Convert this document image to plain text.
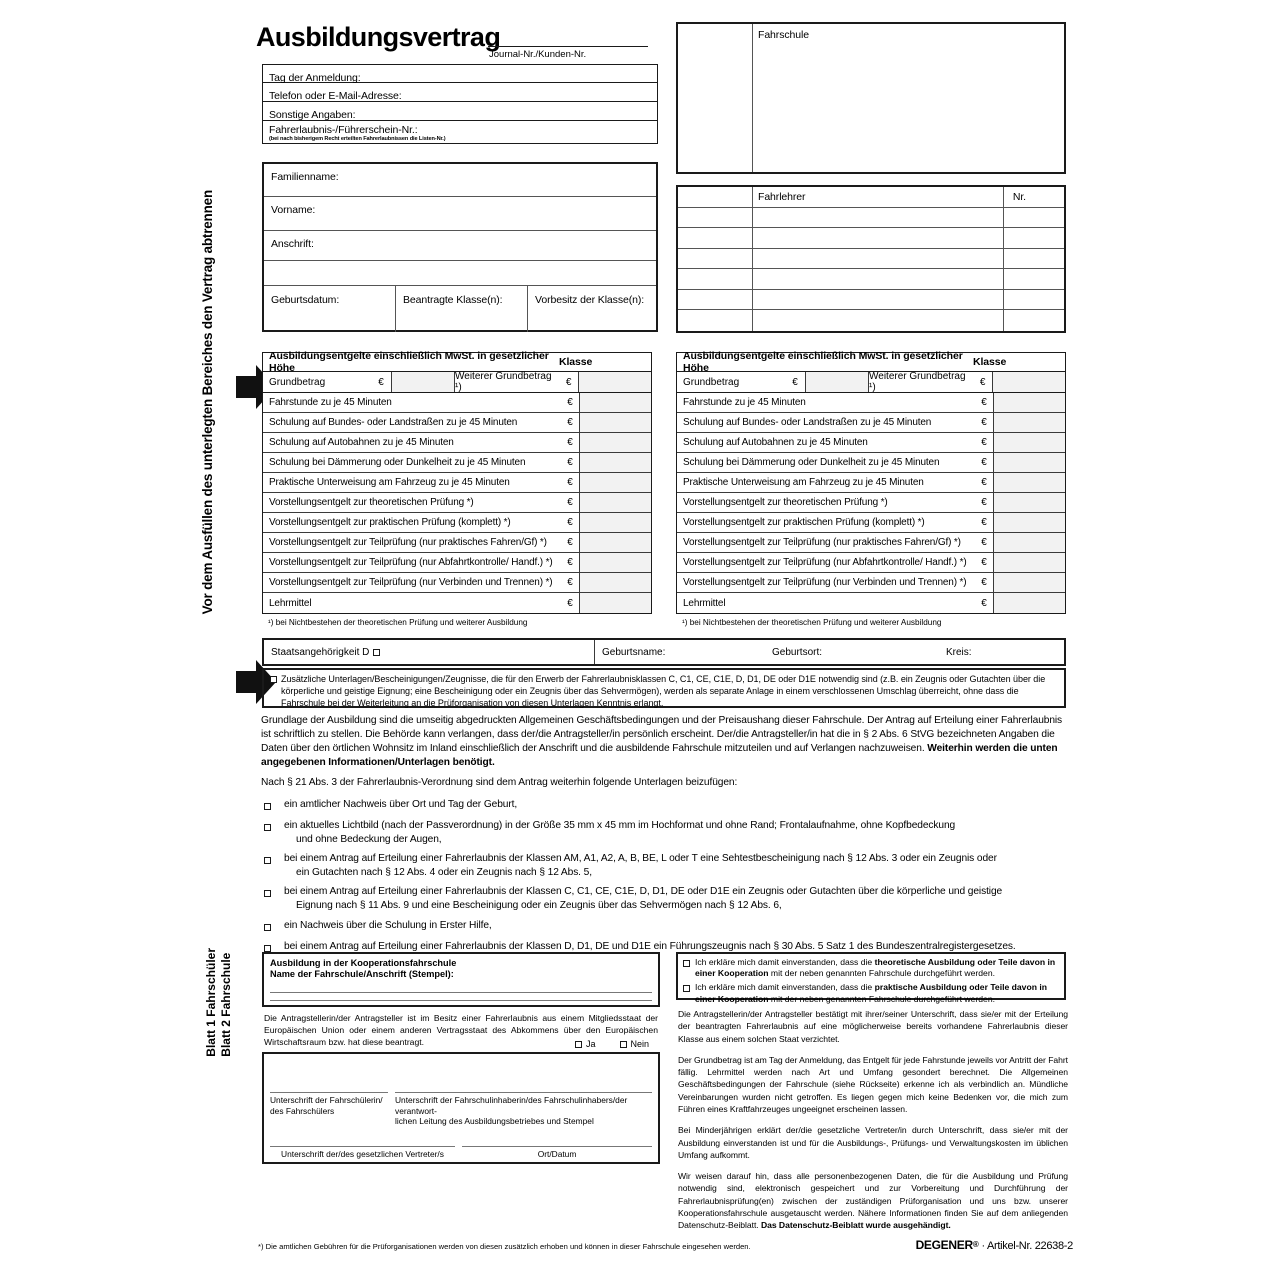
Vor dem Ausfüllen des unterlegten Bereiches den Vertrag abtrennen
Blatt 1 Fahrschüler Blatt 2 Fahrschule
Ausbildungsvertrag
Journal-Nr./Kunden-Nr.
Tag der Anmeldung:
Telefon oder E-Mail-Adresse:
Sonstige Angaben:
Fahrerlaubnis-/Führerschein-Nr.:
(bei nach bisherigem Recht erteilten Fahrerlaubnissen die Listen-Nr.)
Familienname:
Vorname:
Anschrift:
Geburtsdatum:	Beantragte Klasse(n):	Vorbesitz der Klasse(n):
Fahrschule
Fahrlehrer	Nr.
Ausbildungsentgelte einschließlich MwSt. in gesetzlicher Höhe
Klasse
Grundbetrag	€	Weiterer Grundbetrag ¹)	€
Fahrstunde zu je 45 Minuten	€
Schulung auf Bundes- oder Landstraßen zu je 45 Minuten	€
Schulung auf Autobahnen zu je 45 Minuten	€
Schulung bei Dämmerung oder Dunkelheit zu je 45 Minuten	€
Praktische Unterweisung am Fahrzeug zu je 45 Minuten	€
Vorstellungsentgelt zur theoretischen Prüfung *)	€
Vorstellungsentgelt zur praktischen Prüfung (komplett) *)	€
Vorstellungsentgelt zur Teilprüfung (nur praktisches Fahren/Gf) *)	€
Vorstellungsentgelt zur Teilprüfung (nur Abfahrtkontrolle/ Handf.) *)	€
Vorstellungsentgelt zur Teilprüfung (nur Verbinden und Trennen) *)	€
Lehrmittel	€
¹) bei Nichtbestehen der theoretischen Prüfung und weiterer Ausbildung
Ausbildungsentgelte einschließlich MwSt. in gesetzlicher Höhe
Klasse
Grundbetrag	€	Weiterer Grundbetrag ¹)	€
Fahrstunde zu je 45 Minuten	€
Schulung auf Bundes- oder Landstraßen zu je 45 Minuten	€
Schulung auf Autobahnen zu je 45 Minuten	€
Schulung bei Dämmerung oder Dunkelheit zu je 45 Minuten	€
Praktische Unterweisung am Fahrzeug zu je 45 Minuten	€
Vorstellungsentgelt zur theoretischen Prüfung *)	€
Vorstellungsentgelt zur praktischen Prüfung (komplett) *)	€
Vorstellungsentgelt zur Teilprüfung (nur praktisches Fahren/Gf) *)	€
Vorstellungsentgelt zur Teilprüfung (nur Abfahrtkontrolle/ Handf.) *)	€
Vorstellungsentgelt zur Teilprüfung (nur Verbinden und Trennen) *)	€
Lehrmittel	€
¹) bei Nichtbestehen der theoretischen Prüfung und weiterer Ausbildung
Staatsangehörigkeit D	Geburtsname:	Geburtsort:	Kreis:
Zusätzliche Unterlagen/Bescheinigungen/Zeugnisse, die für den Erwerb der Fahrerlaubnisklassen C, C1, CE, C1E, D, D1, DE oder D1E notwendig sind (z.B. ein Zeugnis oder Gutachten über die körperliche und geistige Eignung; eine Bescheinigung oder ein Zeugnis über das Sehvermögen), werden als separate Anlage in einem verschlossenen Umschlag überreicht, ohne dass die Fahrschule bei der Weiterleitung an die Prüforganisation von diesen Unterlagen Kenntnis erlangt.

Grundlage der Ausbildung sind die umseitig abgedruckten Allgemeinen Geschäftsbedingungen und der Preisaushang dieser Fahrschule. Der Antrag auf Erteilung einer Fahrerlaubnis ist schriftlich zu stellen. Die Behörde kann verlangen, dass der/die Antragsteller/in persönlich erscheint. Der/die Antragsteller/in hat die in § 2 Abs. 6 StVG bezeichneten Angaben die Daten über den örtlichen Wohnsitz im Inland einschließlich der Anschrift und die ausbildende Fahrschule mitzuteilen und auf Verlangen nachzuweisen. Weiterhin werden die unten angegebenen Informationen/Unterlagen benötigt.

Nach § 21 Abs. 3 der Fahrerlaubnis-Verordnung sind dem Antrag weiterhin folgende Unterlagen beizufügen:

ein amtlicher Nachweis über Ort und Tag der Geburt,
ein aktuelles Lichtbild (nach der Passverordnung) in der Größe 35 mm x 45 mm im Hochformat und ohne Rand; Frontalaufnahme, ohne Kopfbedeckung
und ohne Bedeckung der Augen,
bei einem Antrag auf Erteilung einer Fahrerlaubnis der Klassen AM, A1, A2, A, B, BE, L oder T eine Sehtestbescheinigung nach § 12 Abs. 3 oder ein Zeugnis oder
ein Gutachten nach § 12 Abs. 4 oder ein Zeugnis nach § 12 Abs. 5,
bei einem Antrag auf Erteilung einer Fahrerlaubnis der Klassen C, C1, CE, C1E, D, D1, DE oder D1E ein Zeugnis oder Gutachten über die körperliche und geistige
Eignung nach § 11 Abs. 9 und eine Bescheinigung oder ein Zeugnis über das Sehvermögen nach § 12 Abs. 6,
ein Nachweis über die Schulung in Erster Hilfe,
bei einem Antrag auf Erteilung einer Fahrerlaubnis der Klassen D, D1, DE und D1E ein Führungszeugnis nach § 30 Abs. 5 Satz 1 des Bundeszentralregistergesetzes.
Ausbildung in der Kooperationsfahrschule
Name der Fahrschule/Anschrift (Stempel):
Die Antragstellerin/der Antragsteller ist im Besitz einer Fahrerlaubnis aus einem Mitgliedsstaat der Europäischen Union oder einem anderen Vertragsstaat des Abkommens über den Europäischen Wirtschaftsraum bzw. hat diese beantragt.	Ja	Nein
Unterschrift der Fahrschülerin/
des Fahrschülers
Unterschrift der Fahrschulinhaberin/des Fahrschulinhabers/der verantwort-
lichen Leitung des Ausbildungsbetriebes und Stempel
Unterschrift der/des gesetzlichen Vertreter/s	Ort/Datum
Ich erkläre mich damit einverstanden, dass die theoretische Ausbildung oder Teile davon in einer Kooperation mit der neben genannten Fahrschule durchgeführt werden.
Ich erkläre mich damit einverstanden, dass die praktische Ausbildung oder Teile davon in einer Kooperation mit der neben genannten Fahrschule durchgeführt werden.

Die Antragstellerin/der Antragsteller bestätigt mit ihrer/seiner Unterschrift, dass sie/er mit der Erteilung der beantragten Fahrerlaubnis auf eine möglicherweise bereits vorhandene Fahrerlaubnis dieser Klasse aus einem solchen Staat verzichtet.

Der Grundbetrag ist am Tag der Anmeldung, das Entgelt für jede Fahrstunde jeweils vor Antritt der Fahrt fällig. Lehrmittel werden nach Art und Umfang gesondert berechnet. Die Allgemeinen Geschäftsbedingungen der Fahrschule (siehe Rückseite) erkenne ich als verbindlich an. Mündliche Vereinbarungen wurden nicht getroffen. Es liegen gegen mich keine Bedenken vor, die mich zum Führen eines Kraftfahrzeuges ungeeignet erscheinen lassen.

Bei Minderjährigen erklärt der/die gesetzliche Vertreter/in durch Unterschrift, dass sie/er mit der Ausbildung einverstanden ist und für die Ausbildungs-, Prüfungs- und Verwaltungskosten im üblichen Umfang aufkommt.

Wir weisen darauf hin, dass alle personenbezogenen Daten, die für die Ausbildung und Prüfung notwendig sind, elektronisch gespeichert und zur Vorbereitung und Durchführung der Fahrerlaubnisprüfung(en) zwischen der zuständigen Prüforganisation und uns bzw. unserer Kooperationsfahrschule ausgetauscht werden. Nähere Informationen finden Sie auf dem anliegenden Datenschutz-Beiblatt. Das Datenschutz-Beiblatt wurde ausgehändigt.

*) Die amtlichen Gebühren für die Prüforganisationen werden von diesen zusätzlich erhoben und können in dieser Fahrschule eingesehen werden.	DEGENER® · Artikel-Nr. 22638-2
